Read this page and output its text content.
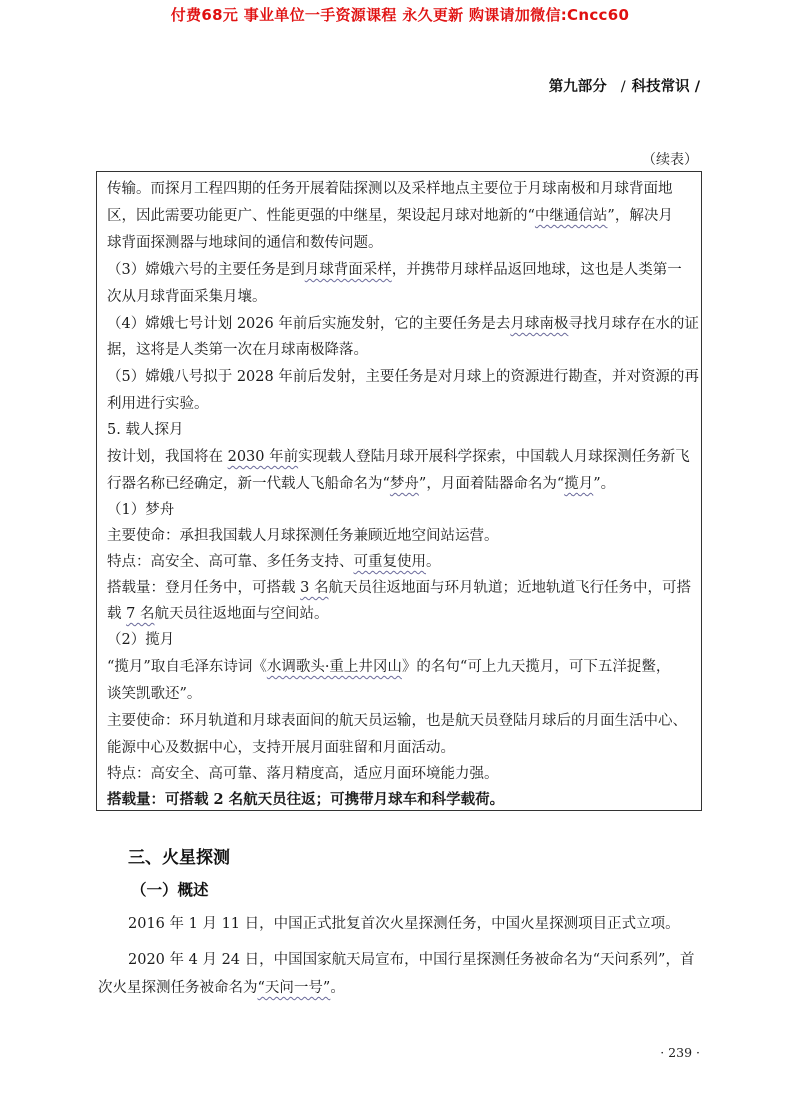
付费68元 事业单位一手资源课程 永久更新 购课请加微信:Cncc60
第九部分 / 科技常识 /
（续表）
传输。而探月工程四期的任务开展着陆探测以及采样地点主要位于月球南极和月球背面地
区，因此需要功能更广、性能更强的中继星，架设起月球对地新的“中继通信站”，解决月
球背面探测器与地球间的通信和数传问题。
（3）嫦娥六号的主要任务是到月球背面采样，并携带月球样品返回地球，这也是人类第一
次从月球背面采集月壤。
（4）嫦娥七号计划 2026 年前后实施发射，它的主要任务是去月球南极寻找月球存在水的证
据，这将是人类第一次在月球南极降落。
（5）嫦娥八号拟于 2028 年前后发射，主要任务是对月球上的资源进行勘查，并对资源的再
利用进行实验。
5. 载人探月
按计划，我国将在 2030 年前实现载人登陆月球开展科学探索，中国载人月球探测任务新飞
行器名称已经确定，新一代载人飞船命名为“梦舟”，月面着陆器命名为“揽月”。
（1）梦舟
主要使命：承担我国载人月球探测任务兼顾近地空间站运营。
特点：高安全、高可靠、多任务支持、可重复使用。
搭载量：登月任务中，可搭载 3 名航天员往返地面与环月轨道；近地轨道飞行任务中，可搭
载 7 名航天员往返地面与空间站。
（2）揽月
“揽月”取自毛泽东诗词《水调歌头·重上井冈山》的名句“可上九天揽月，可下五洋捉鳖，
谈笑凯歌还”。
主要使命：环月轨道和月球表面间的航天员运输，也是航天员登陆月球后的月面生活中心、
能源中心及数据中心，支持开展月面驻留和月面活动。
特点：高安全、高可靠、落月精度高，适应月面环境能力强。
搭载量：可搭载 2 名航天员往返；可携带月球车和科学载荷。
三、火星探测
（一）概述
2016 年 1 月 11 日，中国正式批复首次火星探测任务，中国火星探测项目正式立项。
2020 年 4 月 24 日，中国国家航天局宣布，中国行星探测任务被命名为“天问系列”，首
次火星探测任务被命名为“天问一号”。
· 239 ·
